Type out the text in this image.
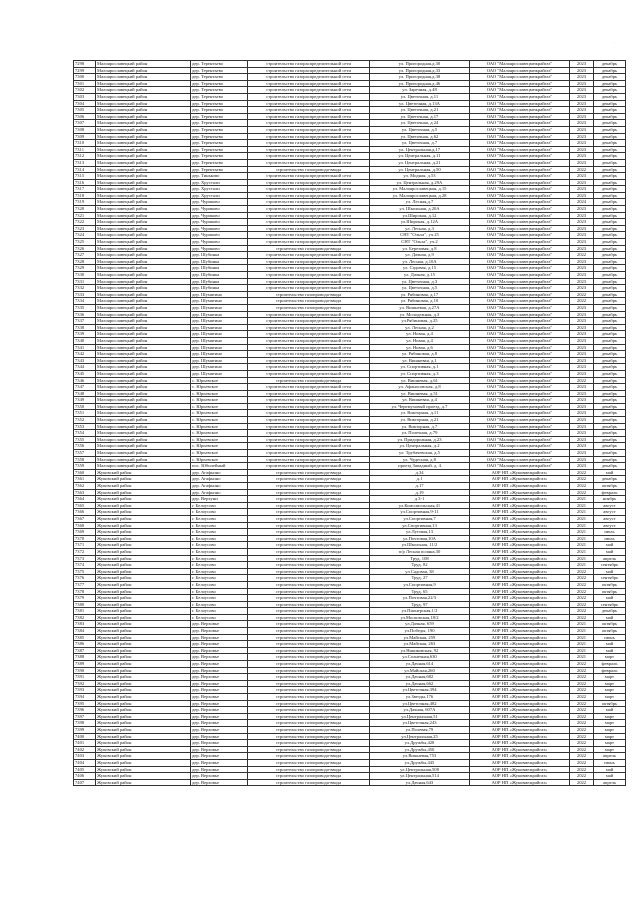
·
7298	Малоярославецкий район	дер. Терентьево	строительство газораспределительной сети	ул. Пригородная,д.30	ОАО "Малоярославецмежрайгаз"	2023	декабрь
7299	Малоярославецкий район	дер. Терентьево	строительство газораспределительной сети	ул. Пригородная,д.33	ОАО "Малоярославецмежрайгаз"	2023	декабрь
7300	Малоярославецкий район	дер. Терентьево	строительство газораспределительной сети	ул. Пригородная,д.38	ОАО "Малоярославецмежрайгаз"	2023	декабрь
7301	Малоярославецкий район	дер. Терентьево	строительство газораспределительной сети	ул. Пригородная,д.46	ОАО "Малоярославецмежрайгаз"	2023	декабрь
7302	Малоярославецкий район	дер. Терентьево	строительство газораспределительной сети	ул. Заречная, д.48	ОАО "Малоярославецмежрайгаз"	2023	декабрь
7303	Малоярославецкий район	дер. Терентьево	строительство газораспределительной сети	ул. Цветочная, д.11	ОАО "Малоярославецмежрайгаз"	2023	декабрь
7304	Малоярославецкий район	дер. Терентьево	строительство газораспределительной сети	ул. Цветочная, д.13А	ОАО "Малоярославецмежрайгаз"	2023	декабрь
7305	Малоярославецкий район	дер. Терентьево	строительство газораспределительной сети	ул. Цветочная, д.21	ОАО "Малоярославецмежрайгаз"	2023	декабрь
7306	Малоярославецкий район	дер. Терентьево	строительство газораспределительной сети	ул. Цветочная, д.17	ОАО "Малоярославецмежрайгаз"	2023	декабрь
7307	Малоярославецкий район	дер. Терентьево	строительство газораспределительной сети	ул. Цветочная, д.24	ОАО "Малоярославецмежрайгаз"	2023	декабрь
7308	Малоярославецкий район	дер. Терентьево	строительство газораспределительной сети	ул. Цветочная, д.5	ОАО "Малоярославецмежрайгаз"	2023	декабрь
7309	Малоярославецкий район	дер. Терентьево	строительство газораспределительной сети	ул. Цветочная, д.62	ОАО "Малоярославецмежрайгаз"	2023	декабрь
7310	Малоярославецкий район	дер. Терентьево	строительство газораспределительной сети	ул. Цветочная, д.7	ОАО "Малоярославецмежрайгаз"	2023	декабрь
7311	Малоярославецкий район	дер. Терентьево	строительство газораспределительной сети	ул. Центральная,д.17	ОАО "Малоярославецмежрайгаз"	2023	декабрь
7312	Малоярославецкий район	дер. Терентьево	строительство газораспределительной сети	ул. Центральная, д.11	ОАО "Малоярославецмежрайгаз"	2023	декабрь
7313	Малоярославецкий район	дер. Терентьево	строительство газораспределительной сети	ул. Центральная, д.21	ОАО "Малоярославецмежрайгаз"	2023	декабрь
7314	Малоярославецкий район	дер. Терентьево	строительство газопровода-ввода	ул. Центральная, д.50	ОАО "Малоярославецмежрайгаз"	2022	декабрь
7315	Малоярославецкий район	дер. Тиньково	строительство газораспределительной сети	ул. Модная, д.53	ОАО "Малоярославецмежрайгаз"	2023	декабрь
7316	Малоярославецкий район	дер. Хрустали	строительство газораспределительной сети	ул. Центральная, д.29А	ОАО "Малоярославецмежрайгаз"	2023	декабрь
7317	Малоярославецкий район	дер. Хрустали	строительство газораспределительной сети	ул. Малоярославецкая, д.15	ОАО "Малоярославецмежрайгаз"	2023	декабрь
7318	Малоярославецкий район	дер. Хрустали	строительство газораспределительной сети	ул. Малоярославецкая, д.28	ОАО "Малоярославецмежрайгаз"	2023	декабрь
7319	Малоярославецкий район	дер. Чуриково	строительство газораспределительной сети	ул. Лесная,д.7	ОАО "Малоярославецмежрайгаз"	2024	декабрь
7320	Малоярославецкий район	дер. Чуриково	строительство газораспределительной сети	ул. Школьная, д.20А	ОАО "Малоярославецмежрайгаз"	2023	декабрь
7321	Малоярославецкий район	дер. Чуриково	строительство газораспределительной сети	ул.Широкая, д.12	ОАО "Малоярославецмежрайгаз"	2023	декабрь
7322	Малоярославецкий район	дер. Чуриково	строительство газораспределительной сети	ул.Широкая, д.12А	ОАО "Малоярославецмежрайгаз"	2023	декабрь
7323	Малоярославецкий район	дер. Чуриково	строительство газораспределительной сети	ул. Лесная, д.3	ОАО "Малоярославецмежрайгаз"	2023	декабрь
7324	Малоярославецкий район	дер. Чуриково	строительство газораспределительной сети	СНТ "Ольха", уч.25	ОАО "Малоярославецмежрайгаз"	2023	декабрь
7325	Малоярославецкий район	дер. Чуриково	строительство газораспределительной сети	СНТ "Ольха", уч.2	ОАО "Малоярославецмежрайгаз"	2023	декабрь
7326	Малоярославецкий район	дер. Чуриково	строительство газопровода-ввода	ул. Березовая, д.8	ОАО "Малоярославецмежрайгаз"	2023	декабрь
7327	Малоярославецкий район	дер. Шубинка	строительство газораспределительной сети	ул. Дачная, д.9	ОАО "Малоярославецмежрайгаз"	2022	декабрь
7328	Малоярославецкий район	дер. Шубинка	строительство газораспределительной сети	ул. Лесная, д.10А	ОАО "Малоярославецмежрайгаз"	2023	декабрь
7329	Малоярославецкий район	дер. Шубинка	строительство газораспределительной сети	ул. Садовая, д.15	ОАО "Малоярославецмежрайгаз"	2023	декабрь
7330	Малоярославецкий район	дер. Шубинка	строительство газораспределительной сети	ул. Дачная, д.15	ОАО "Малоярославецмежрайгаз"	2023	декабрь
7331	Малоярославецкий район	дер. Шубинка	строительство газораспределительной сети	ул. Цветочная, д.3	ОАО "Малоярославецмежрайгаз"	2023	декабрь
7332	Малоярославецкий район	дер. Шубинка	строительство газораспределительной сети	ул. Цветочная, д.5	ОАО "Малоярославецмежрайгаз"	2023	декабрь
7333	Малоярославецкий район	дер. Шумятино	строительство газопровода-ввода	ул. Рябиновая, д.17	ОАО "Малоярославецмежрайгаз"	2022	декабрь
7334	Малоярославецкий район	дер. Шумятино	строительство газопровода-ввода	ул. Рябиновая, д.10	ОАО "Малоярославецмежрайгаз"	2022	декабрь
7335	Малоярославецкий район	дер. Шумятино	строительство газопровода-ввода	ул. Вишневая, д.27А	ОАО "Малоярославецмежрайгаз"	2023	декабрь
7336	Малоярославецкий район	дер. Шумятино	строительство газораспределительной сети	ул. Молодежная, д.3	ОАО "Малоярославецмежрайгаз"	2023	декабрь
7337	Малоярославецкий район	дер. Шумятино	строительство газораспределительной сети	ул.Рябиновая, д.25	ОАО "Малоярославецмежрайгаз"	2023	декабрь
7338	Малоярославецкий район	дер. Шумятино	строительство газораспределительной сети	ул. Лесная, д.2	ОАО "Малоярославецмежрайгаз"	2023	декабрь
7339	Малоярославецкий район	дер. Шумятино	строительство газораспределительной сети	ул. Новая, д.4	ОАО "Малоярославецмежрайгаз"	2023	декабрь
7340	Малоярославецкий район	дер. Шумятино	строительство газораспределительной сети	ул. Новая, д.4	ОАО "Малоярославецмежрайгаз"	2023	декабрь
7341	Малоярославецкий район	дер. Шумятино	строительство газораспределительной сети	ул. Новая, д.6	ОАО "Малоярославецмежрайгаз"	2023	декабрь
7342	Малоярославецкий район	дер. Шумятино	строительство газораспределительной сети	ул. Рябиновая, д.8	ОАО "Малоярославецмежрайгаз"	2023	декабрь
7343	Малоярославецкий район	дер. Шумятино	строительство газораспределительной сети	ул. Вишневая, д.1	ОАО "Малоярославецмежрайгаз"	2023	декабрь
7344	Малоярославецкий район	дер. Шумятино	строительство газораспределительной сети	ул. Спортивная, д.1	ОАО "Малоярославецмежрайгаз"	2023	декабрь
7345	Малоярославецкий район	дер. Шумятино	строительство газораспределительной сети	ул. Спортивная, д.3	ОАО "Малоярославецмежрайгаз"	2023	декабрь
7346	Малоярославецкий район	с. Юрьевское	строительство газопровода-ввода	ул. Вишневая, д.61	ОАО "Малоярославецмежрайгаз"	2022	декабрь
7347	Малоярославецкий район	с. Юрьевское	строительство газораспределительной сети	ул. Афанасовская, д.8	ОАО "Малоярославецмежрайгаз"	2023	декабрь
7348	Малоярославецкий район	с. Юрьевское	строительство газораспределительной сети	ул. Вишневая, д.51	ОАО "Малоярославецмежрайгаз"	2023	декабрь
7349	Малоярославецкий район	с. Юрьевское	строительство газораспределительной сети	ул. Вишневая, д.4	ОАО "Малоярославецмежрайгаз"	2023	декабрь
7350	Малоярославецкий район	с. Юрьевское	строительство газораспределительной сети	ул. Черемуховый проезд, д.7	ОАО "Малоярославецмежрайгаз"	2023	декабрь
7351	Малоярославецкий район	с. Юрьевское	строительство газораспределительной сети	ул. Викторная, д.11	ОАО "Малоярославецмежрайгаз"	2023	декабрь
7352	Малоярославецкий район	с. Юрьевское	строительство газораспределительной сети	ул. Викторная, д.21	ОАО "Малоярославецмежрайгаз"	2023	декабрь
7353	Малоярославецкий район	с. Юрьевское	строительство газораспределительной сети	ул. Викторная, д.7	ОАО "Малоярославецмежрайгаз"	2023	декабрь
7354	Малоярославецкий район	с. Юрьевское	строительство газораспределительной сети	ул. Полечная, д.79	ОАО "Малоярославецмежрайгаз"	2023	декабрь
7355	Малоярославецкий район	с. Юрьевское	строительство газораспределительной сети	ул. Придорожная, д.23	ОАО "Малоярославецмежрайгаз"	2023	декабрь
7356	Малоярославецкий район	с. Юрьевское	строительство газораспределительной сети	ул. Центральная, д.2	ОАО "Малоярославецмежрайгаз"	2023	декабрь
7357	Малоярославецкий район	с. Юрьевское	строительство газораспределительной сети	ул. Трубачевская, д.5	ОАО "Малоярославецмежрайгаз"	2023	декабрь
7358	Малоярославецкий район	с. Юрьевское	строительство газораспределительной сети	ул. Чудесная, д.8	ОАО "Малоярославецмежрайгаз"	2023	декабрь
7359	Малоярославецкий район	пос. Юбилейный	строительство газораспределительной сети	проезд Западный, д. 4	ОАО "Малоярославецмежрайгаз"	2023	декабрь
7360	Жуковский район	дер. Агафьино	строительство газопровода-ввода	д.34	АОР НП «Жуковмежрайгаз»	2022	май
7361	Жуковский район	дер. Агафьино	строительство газопровода-ввода	д.1	АОР НП «Жуковмежрайгаз»	2022	декабрь
7362	Жуковский район	дер. Агафьино	строительство газопровода-ввода	д.17	АОР НП «Жуковмежрайгаз»	2022	октябрь
7363	Жуковский район	дер. Агафьино	строительство газопровода-ввода	д.19	АОР НП «Жуковмежрайгаз»	2022	февраль
7364	Жуковский район	дер. Верхуни	строительство газопровода-ввода	д.3-1	АОР НП «Жуковмежрайгаз»	2021	ноябрь
7365	Жуковский район	г. Белоусово	строительство газопровода-ввода	ул.Комсомольская,41	АОР НП «Жуковмежрайгаз»	2021	август
7366	Жуковский район	г. Белоусово	строительство газопровода-ввода	ул.Спортивная,9-11	АОР НП «Жуковмежрайгаз»	2021	август
7367	Жуковский район	г. Белоусово	строительство газопровода-ввода	ул.Спортивная,7	АОР НП «Жуковмежрайгаз»	2021	август
7368	Жуковский район	г. Белоусово	строительство газопровода-ввода	ул.Спортивная,13	АОР НП «Жуковмежрайгаз»	2021	август
7369	Жуковский район	г. Белоусово	строительство газопровода-ввода	ул.Луговая,13	АОР НП «Жуковмежрайгаз»	2021	июль
7370	Жуковский район	г. Белоусово	строительство газопровода-ввода	ул.Почтовая,10А	АОР НП «Жуковмежрайгаз»	2021	июль
7371	Жуковский район	г. Белоусово	строительство газопровода-ввода	ул.Школьная, 11/2	АОР НП «Жуковмежрайгаз»	2021	май
7372	Жуковский район	г. Белоусово	строительство газопровода-ввода	п/р Лесная поляна,30	АОР НП «Жуковмежрайгаз»	2021	май
7373	Жуковский район	г. Белоусово	строительство газопровода-ввода	Труд, 108	АОР НП «Жуковмежрайгаз»	2021	апрель
7374	Жуковский район	г. Белоусово	строительство газопровода-ввода	Труд, 82	АОР НП «Жуковмежрайгаз»	2021	сентябрь
7375	Жуковский район	г. Белоусово	строительство газопровода-ввода	ул.Садовая, 38	АОР НП «Жуковмежрайгаз»	2022	май
7376	Жуковский район	г. Белоусово	строительство газопровода-ввода	Труд, 27	АОР НП «Жуковмежрайгаз»	2022	сентябрь
7377	Жуковский район	г. Белоусово	строительство газопровода-ввода	ул.Спортивная,9	АОР НП «Жуковмежрайгаз»	2022	октябрь
7378	Жуковский район	г. Белоусово	строительство газопровода-ввода	Труд, 65	АОР НП «Жуковмежрайгаз»	2022	октябрь
7379	Жуковский район	г. Белоусово	строительство газопровода-ввода	ул.Почтовая,22/3	АОР НП «Жуковмежрайгаз»	2022	май
7380	Жуковский район	г. Белоусово	строительство газопровода-ввода	Труд, 97	АОР НП «Жуковмежрайгаз»	2022	сентябрь
7381	Жуковский район	г. Белоусово	строительство газопровода-ввода	ул.Пионерская,1/2	АОР НП «Жуковмежрайгаз»	2022	декабрь
7382	Жуковский район	г. Белоусово	строительство газопровода-ввода	ул.Московская,18/2	АОР НП «Жуковмежрайгаз»	2022	май
7383	Жуковский район	дер. Верховье	строительство газопровода-ввода	ул.Дачная, 659	АОР НП «Жуковмежрайгаз»	2021	октябрь
7384	Жуковский район	дер. Верховье	строительство газопровода-ввода	ул.Победы, 190	АОР НП «Жуковмежрайгаз»	2021	октябрь
7385	Жуковский район	дер. Верховье	строительство газопровода-ввода	ул.Майская, 259	АОР НП «Жуковмежрайгаз»	2021	июнь
7386	Жуковский район	дер. Верховье	строительство газопровода-ввода	ул.Майская, 263	АОР НП «Жуковмежрайгаз»	2021	май
7387	Жуковский район	дер. Верховье	строительство газопровода-ввода	ул.Никиковская, 92	АОР НП «Жуковмежрайгаз»	2021	май
7388	Жуковский район	дер. Верховье	строительство газопровода-ввода	ул.Солнечная,630	АОР НП «Жуковмежрайгаз»	2021	март
7389	Жуковский район	дер. Верховье	строительство газопровода-ввода	ул.Дачная,614	АОР НП «Жуковмежрайгаз»	2022	февраль
7390	Жуковский район	дер. Верховье	строительство газопровода-ввода	ул.Майская,260	АОР НП «Жуковмежрайгаз»	2022	февраль
7391	Жуковский район	дер. Верховье	строительство газопровода-ввода	ул.Дачная,682	АОР НП «Жуковмежрайгаз»	2022	март
7392	Жуковский район	дер. Верховье	строительство газопровода-ввода	ул.Дачная,662	АОР НП «Жуковмежрайгаз»	2022	март
7393	Жуковский район	дер. Верховье	строительство газопровода-ввода	ул.Цветочная,394	АОР НП «Жуковмежрайгаз»	2022	март
7394	Жуковский район	дер. Верховье	строительство газопровода-ввода	ул.Звезды,176	АОР НП «Жуковмежрайгаз»	2022	март
7395	Жуковский район	дер. Верховье	строительство газопровода-ввода	ул.Цветочная,482	АОР НП «Жуковмежрайгаз»	2022	октябрь
7396	Жуковский район	дер. Верховье	строительство газопровода-ввода	ул.Дачная, 607А	АОР НП «Жуковмежрайгаз»	2022	май
7397	Жуковский район	дер. Верховье	строительство газопровода-ввода	ул.Центральная,51	АОР НП «Жуковмежрайгаз»	2022	март
7398	Жуковский район	дер. Верховье	строительство газопровода-ввода	ул.Цветочная,243	АОР НП «Жуковмежрайгаз»	2022	март
7399	Жуковский район	дер. Верховье	строительство газопровода-ввода	ул.Полевая,79	АОР НП «Жуковмежрайгаз»	2022	март
7400	Жуковский район	дер. Верховье	строительство газопровода-ввода	ул.Центральная,25	АОР НП «Жуковмежрайгаз»	2022	март
7401	Жуковский район	дер. Верховье	строительство газопровода-ввода	ул.Дружбы,428	АОР НП «Жуковмежрайгаз»	2022	март
7402	Жуковский район	дер. Верховье	строительство газопровода-ввода	ул.Дружбы,450	АОР НП «Жуковмежрайгаз»	2022	март
7403	Жуковский район	дер. Верховье	строительство газопровода-ввода	ул.Вишневая,753	АОР НП «Жуковмежрайгаз»	2022	апрель
7404	Жуковский район	дер. Верховье	строительство газопровода-ввода	ул.Дружбы,445	АОР НП «Жуковмежрайгаз»	2022	июнь
7405	Жуковский район	дер. Верховье	строительство газопровода-ввода	ул.Центральная,508	АОР НП «Жуковмежрайгаз»	2022	май
7406	Жуковский район	дер. Верховье	строительство газопровода-ввода	ул.Центральная,514	АОР НП «Жуковмежрайгаз»	2022	май
7407	Жуковский район	дер. Верховье	строительство газопровода-ввода	ул.Дачная,643	АОР НП «Жуковмежрайгаз»	2022	апрель
